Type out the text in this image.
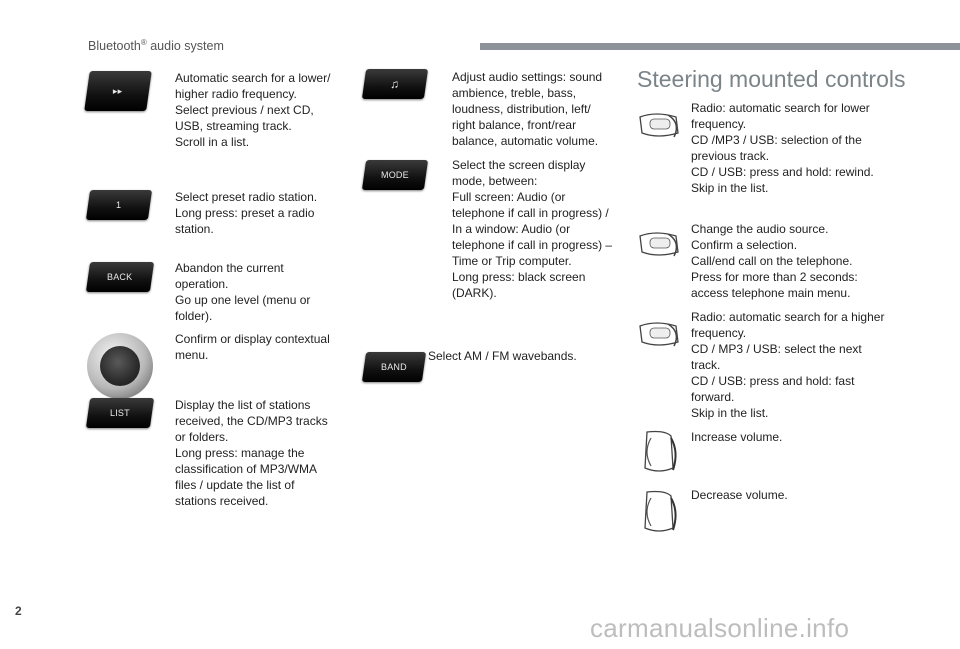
Bluetooth® audio system
▸▸
Automatic search for a lower/
higher radio frequency.
Select previous / next CD,
USB, streaming track.
Scroll in a list.
1
Select preset radio station.
Long press: preset a radio
station.
BACK
Abandon the current
operation.
Go up one level (menu or
folder).
Confirm or display contextual
menu.
LIST
Display the list of stations
received, the CD/MP3 tracks
or folders.
Long press: manage the
classification of MP3/WMA
files / update the list of
stations received.
♫	Adjust audio settings: sound
ambience, treble, bass,
loudness, distribution, left/
right balance, front/rear
balance, automatic volume.
MODE
Select the screen display
mode, between:
Full screen: Audio (or
telephone if call in progress) /
In a window: Audio (or
telephone if call in progress) –
Time or Trip computer.
Long press: black screen
(DARK).
BAND
Select AM / FM wavebands.
Steering mounted controls
Radio: automatic search for lower
frequency.
CD /MP3 / USB: selection of the
previous track.
CD / USB: press and hold: rewind.
Skip in the list.
Change the audio source.
Confirm a selection.
Call/end call on the telephone.
Press for more than 2 seconds:
access telephone main menu.
Radio: automatic search for a higher
frequency.
CD / MP3 / USB: select the next
track.
CD / USB: press and hold: fast
forward.
Skip in the list.
Increase volume.
Decrease volume.
2
carmanualsonline.info
